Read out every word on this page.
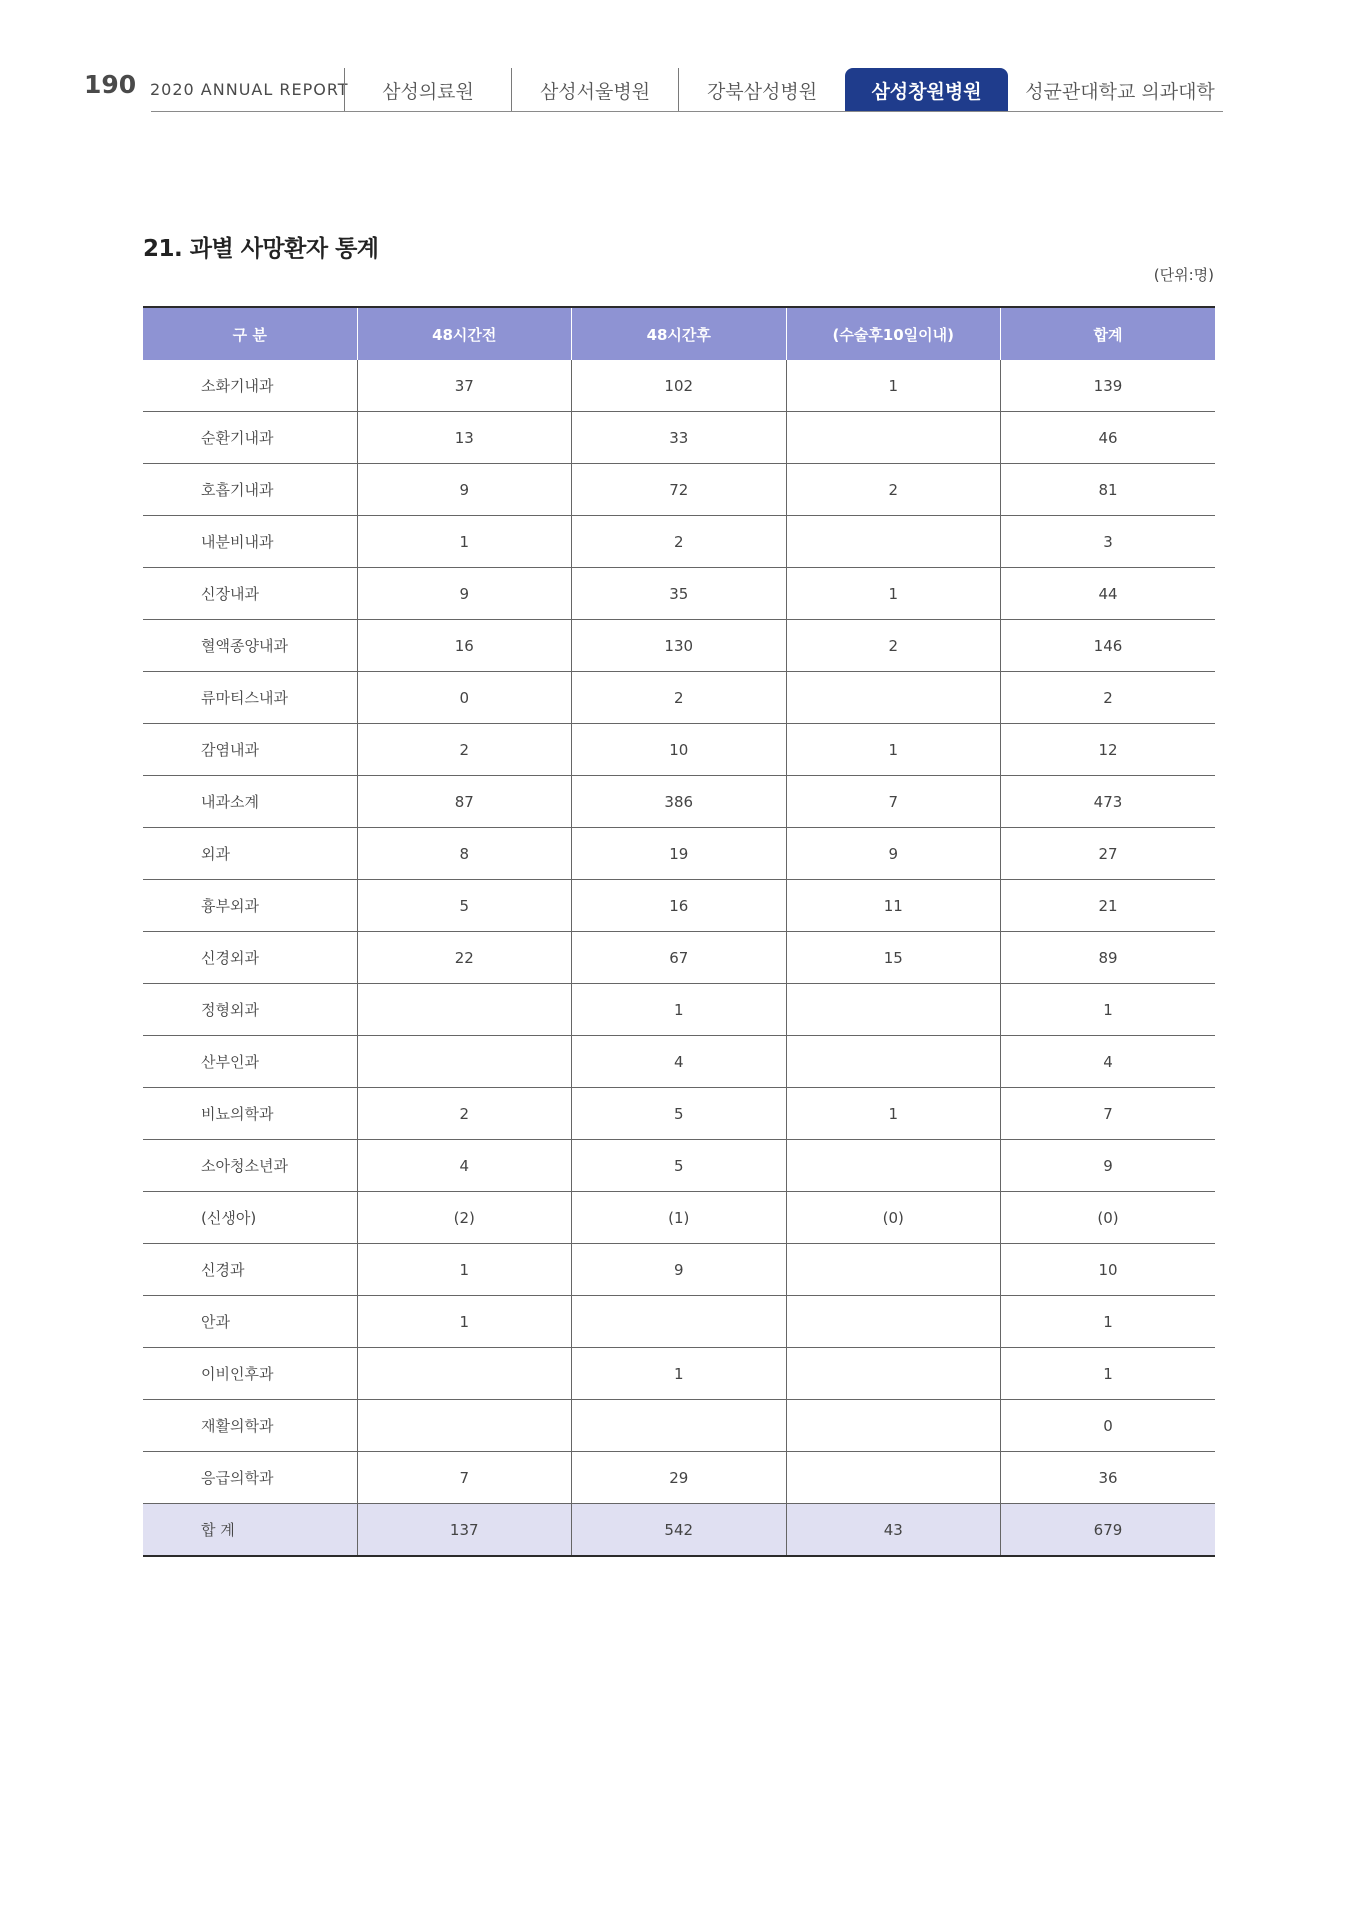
190 2020 ANNUAL REPORT 삼성의료원	삼성서울병원	강북삼성병원	삼성창원병원 성균관대학교 의과대학
21. 과별 사망환자 통계
(단위:명)
구 분	48시간전	48시간후	(수술후10일이내)	합계
소화기내과	37	102	1	139
순환기내과	13	33		46
호흡기내과	9	72	2	81
내분비내과	1	2		3
신장내과	9	35	1	44
혈액종양내과	16	130	2	146
류마티스내과	0	2		2
감염내과	2	10	1	12
내과소계	87	386	7	473
외과	8	19	9	27
흉부외과	5	16	11	21
신경외과	22	67	15	89
정형외과		1		1
산부인과		4		4
비뇨의학과	2	5	1	7
소아청소년과	4	5		9
(신생아)	(2)	(1)	(0)	(0)
신경과	1	9		10
안과	1			1
이비인후과		1		1
재활의학과				0
응급의학과	7	29		36
합 계	137	542	43	679
